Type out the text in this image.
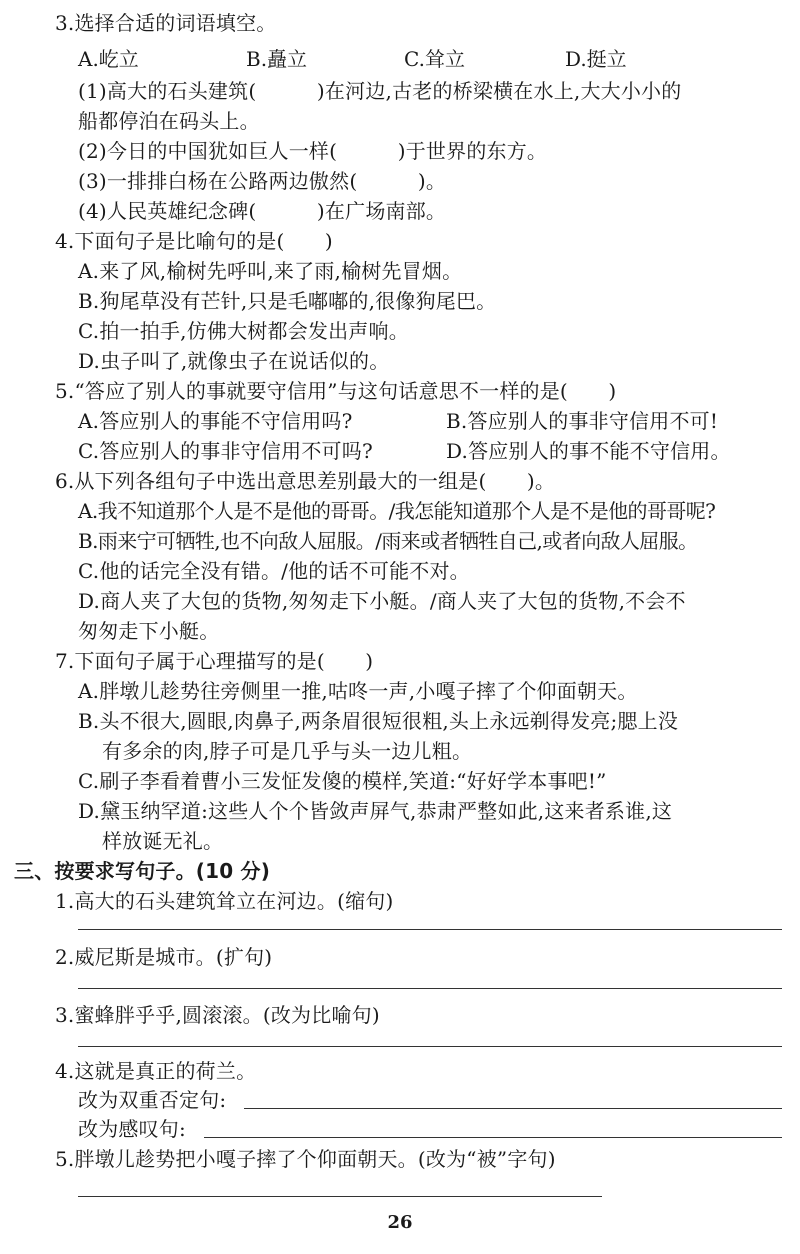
3.选择合适的词语填空。
A.屹立	B.矗立	C.耸立	D.挺立
(1)高大的石头建筑(　　　)在河边,古老的桥梁横在水上,大大小小的
船都停泊在码头上。
(2)今日的中国犹如巨人一样(　　　)于世界的东方。
(3)一排排白杨在公路两边傲然(　　　)。
(4)人民英雄纪念碑(　　　)在广场南部。
4.下面句子是比喻句的是(　　)
A.来了风,榆树先呼叫,来了雨,榆树先冒烟。
B.狗尾草没有芒针,只是毛嘟嘟的,很像狗尾巴。
C.拍一拍手,仿佛大树都会发出声响。
D.虫子叫了,就像虫子在说话似的。
5.“答应了别人的事就要守信用”与这句话意思不一样的是(　　)
A.答应别人的事能不守信用吗?	B.答应别人的事非守信用不可!
C.答应别人的事非守信用不可吗?	D.答应别人的事不能不守信用。
6.从下列各组句子中选出意思差别最大的一组是(　　)。
A.我不知道那个人是不是他的哥哥。/我怎能知道那个人是不是他的哥哥呢?
B.雨来宁可牺牲,也不向敌人屈服。/雨来或者牺牲自己,或者向敌人屈服。
C.他的话完全没有错。/他的话不可能不对。
D.商人夹了大包的货物,匆匆走下小艇。/商人夹了大包的货物,不会不
匆匆走下小艇。
7.下面句子属于心理描写的是(　　)
A.胖墩儿趁势往旁侧里一推,咕咚一声,小嘎子摔了个仰面朝天。
B.头不很大,圆眼,肉鼻子,两条眉很短很粗,头上永远剃得发亮;腮上没
有多余的肉,脖子可是几乎与头一边儿粗。
C.刷子李看着曹小三发怔发傻的模样,笑道:“好好学本事吧!”
D.黛玉纳罕道:这些人个个皆敛声屏气,恭肃严整如此,这来者系谁,这
样放诞无礼。
三、按要求写句子。(10 分)
1.高大的石头建筑耸立在河边。(缩句)
2.威尼斯是城市。(扩句)
3.蜜蜂胖乎乎,圆滚滚。(改为比喻句)
4.这就是真正的荷兰。
改为双重否定句:
改为感叹句:
5.胖墩儿趁势把小嘎子摔了个仰面朝天。(改为“被”字句)
26
